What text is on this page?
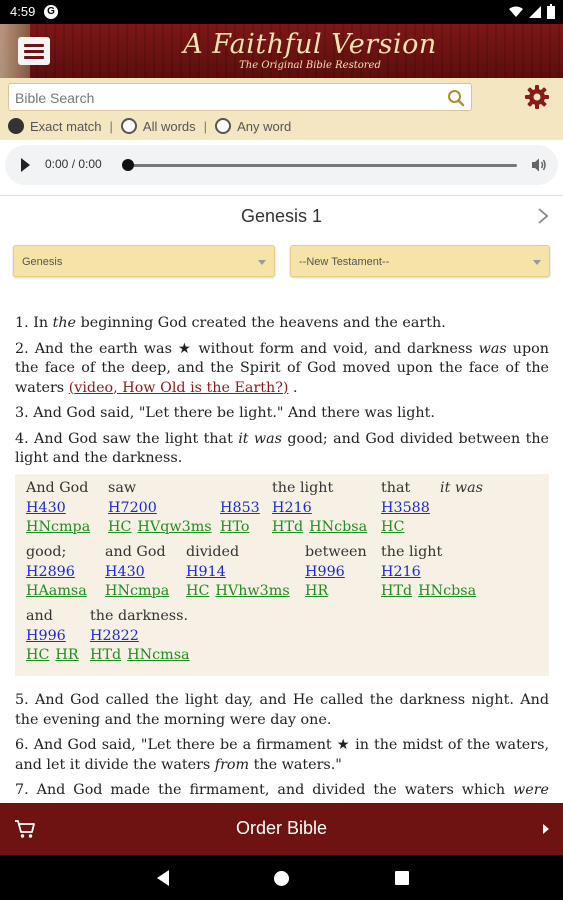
4:59	G
A Faithful Version
The Original Bible Restored
Bible Search
Exact match | All words | Any word
0:00 / 0:00
Genesis 1
Genesis	--New Testament--
1. In the beginning God created the heavens and the earth.
2. And the earth was ★ without form and void, and darkness was upon the face of the deep, and the Spirit of God moved upon the face of the waters (video, How Old is the Earth?) .
3. And God said, "Let there be light." And there was light.
4. And God saw the light that it was good; and God divided between the light and the darkness.
And God
H430
HNcmpa
saw
H7200
HC HVqw3ms

H853
HTo
the light
H216
HTd HNcbsa
that
H3588
HC
it was
good;
H2896
HAamsa
and God
H430
HNcmpa
divided
H914
HC HVhw3ms
between
H996
HR
the light
H216
HTd HNcbsa
and
H996
HC HR
the darkness.
H2822
HTd HNcmsa
5. And God called the light day, and He called the darkness night. And the evening and the morning were day one.
6. And God said, "Let there be a firmament ★ in the midst of the waters, and let it divide the waters from the waters."
7. And God made the firmament, and divided the waters which were
Order Bible
